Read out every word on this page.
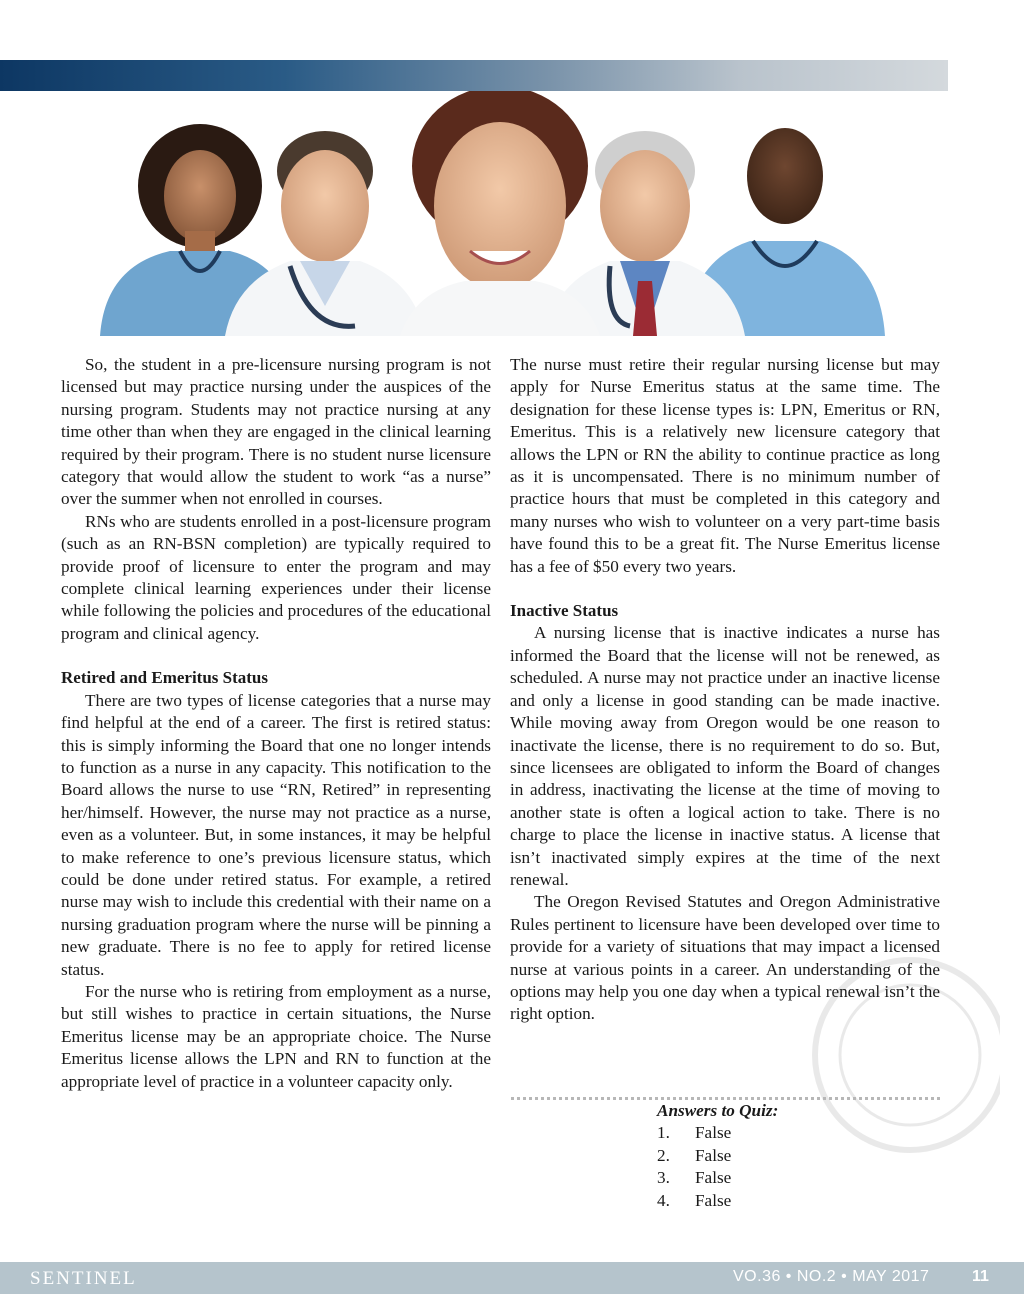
So, the student in a pre-licensure nursing program is not licensed but may practice nursing under the auspices of the nursing program. Students may not practice nursing at any time other than when they are engaged in the clinical learning required by their program. There is no student nurse licensure category that would allow the student to work “as a nurse” over the summer when not enrolled in courses.

RNs who are students enrolled in a post-licensure program (such as an RN-BSN completion) are typically required to provide proof of licensure to enter the program and may complete clinical learning experiences under their license while following the policies and procedures of the educational program and clinical agency.

Retired and Emeritus Status

There are two types of license categories that a nurse may find helpful at the end of a career. The first is retired status: this is simply informing the Board that one no longer intends to function as a nurse in any capacity. This notification to the Board allows the nurse to use “RN, Retired” in representing her/himself. However, the nurse may not practice as a nurse, even as a volunteer. But, in some instances, it may be helpful to make reference to one’s previous licensure status, which could be done under retired status. For example, a retired nurse may wish to include this credential with their name on a nursing graduation program where the nurse will be pinning a new graduate. There is no fee to apply for retired license status.

For the nurse who is retiring from employment as a nurse, but still wishes to practice in certain situations, the Nurse Emeritus license may be an appropriate choice. The Nurse Emeritus license allows the LPN and RN to function at the appropriate level of practice in a volunteer capacity only.

The nurse must retire their regular nursing license but may apply for Nurse Emeritus status at the same time. The designation for these license types is: LPN, Emeritus or RN, Emeritus. This is a relatively new licensure category that allows the LPN or RN the ability to continue practice as long as it is uncompensated. There is no minimum number of practice hours that must be completed in this category and many nurses who wish to volunteer on a very part-time basis have found this to be a great fit. The Nurse Emeritus license has a fee of $50 every two years.

Inactive Status

A nursing license that is inactive indicates a nurse has informed the Board that the license will not be renewed, as scheduled. A nurse may not practice under an inactive license and only a license in good standing can be made inactive. While moving away from Oregon would be one reason to inactivate the license, there is no requirement to do so. But, since licensees are obligated to inform the Board of changes in address, inactivating the license at the time of moving to another state is often a logical action to take. There is no charge to place the license in inactive status. A license that isn’t inactivated simply expires at the time of the next renewal.

The Oregon Revised Statutes and Oregon Administrative Rules pertinent to licensure have been developed over time to provide for a variety of situations that may impact a licensed nurse at various points in a career. An understanding of the options may help you one day when a typical renewal isn’t the right option.

Answers to Quiz:
1.	False
2.	False
3.	False
4.	False
SENTINEL	VO.36 • NO.2 • MAY 2017	11
